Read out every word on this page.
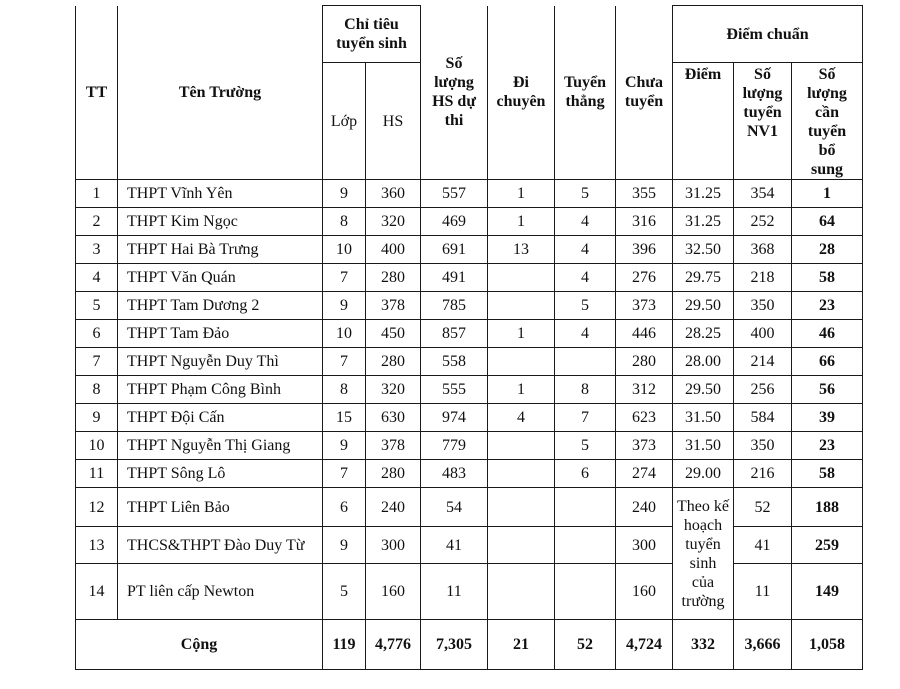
TT	Tên Trường	Chỉ tiêu tuyển sinh		Số lượng HS dự thi	Đi chuyên	Tuyển thẳng	Chưa tuyển	Điểm chuẩn		
		Lớp	HS					Điểm	Số lượng tuyển NV1	Số lượng cần tuyển bổ sung
1	THPT Vĩnh Yên	9	360	557	1	5	355	31.25	354	1
2	THPT Kim Ngọc	8	320	469	1	4	316	31.25	252	64
3	THPT Hai Bà Trưng	10	400	691	13	4	396	32.50	368	28
4	THPT Văn Quán	7	280	491		4	276	29.75	218	58
5	THPT Tam Dương 2	9	378	785		5	373	29.50	350	23
6	THPT Tam Đảo	10	450	857	1	4	446	28.25	400	46
7	THPT Nguyễn Duy Thì	7	280	558			280	28.00	214	66
8	THPT Phạm Công Bình	8	320	555	1	8	312	29.50	256	56
9	THPT Đội Cấn	15	630	974	4	7	623	31.50	584	39
10	THPT Nguyễn Thị Giang	9	378	779		5	373	31.50	350	23
11	THPT Sông Lô	7	280	483		6	274	29.00	216	58
12	THPT Liên Bảo	6	240	54			240	Theo kế hoạch tuyển sinh của trường	52	188
13	THCS&THPT Đào Duy Từ	9	300	41			300		41	259
14	PT liên cấp Newton	5	160	11			160		11	149
Cộng		119	4,776	7,305	21	52	4,724	332	3,666	1,058
